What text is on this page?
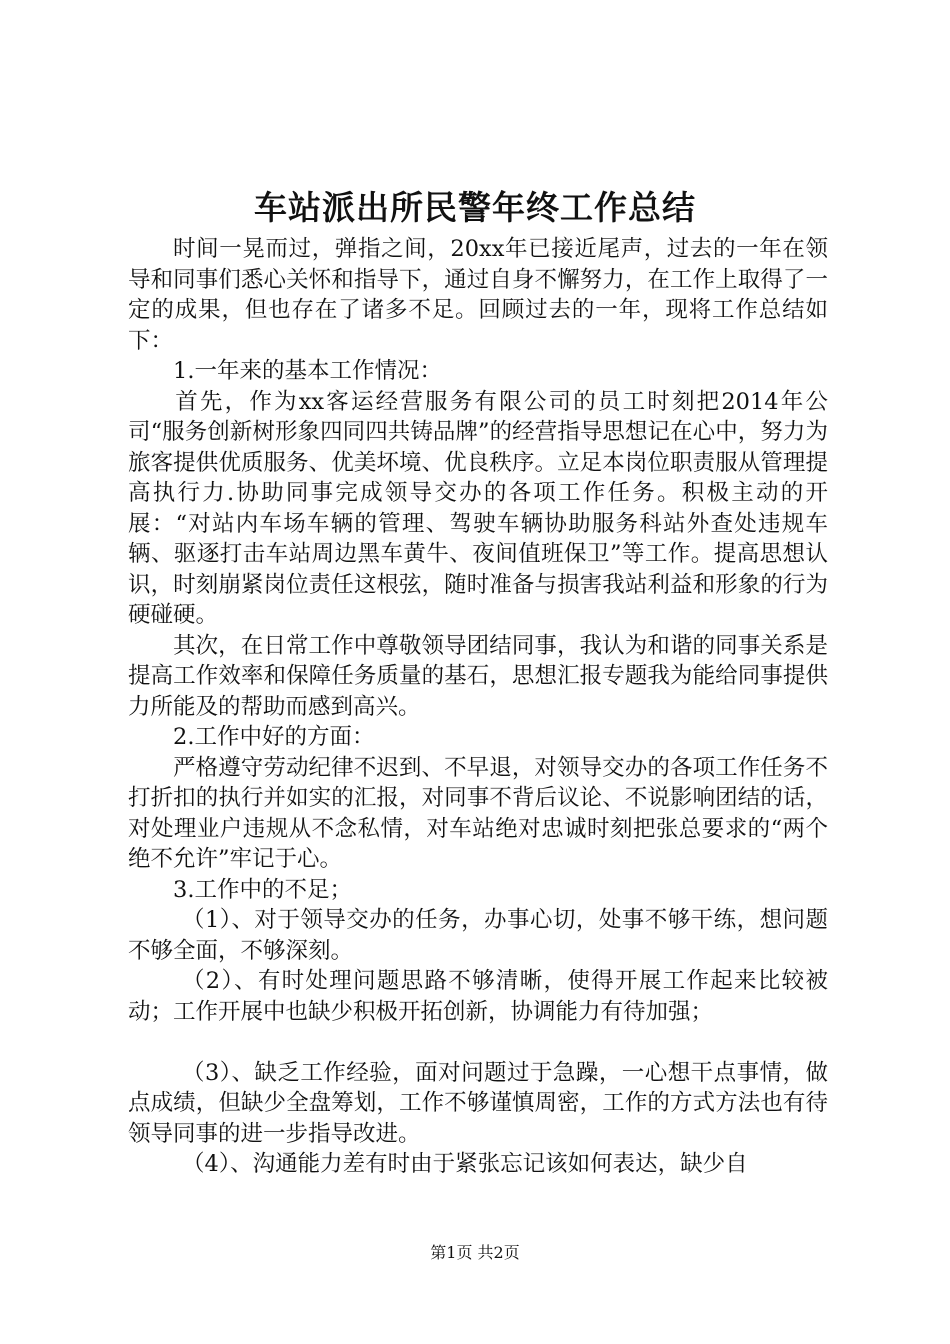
车站派出所民警年终工作总结

时间一晃而过，弹指之间，20xx年已接近尾声，过去的一年在领导和同事们悉心关怀和指导下，通过自身不懈努力，在工作上取得了一定的成果，但也存在了诸多不足。回顾过去的一年，现将工作总结如下：

1.一年来的基本工作情况：

首先，作为xx客运经营服务有限公司的员工时刻把2014年公司“服务创新树形象四同四共铸品牌”的经营指导思想记在心中，努力为旅客提供优质服务、优美坏境、优良秩序。立足本岗位职责服从管理提高执行力.协助同事完成领导交办的各项工作任务。积极主动的开展：“对站内车场车辆的管理、驾驶车辆协助服务科站外查处违规车辆、驱逐打击车站周边黑车黄牛、夜间值班保卫”等工作。提高思想认识，时刻崩紧岗位责任这根弦，随时准备与损害我站利益和形象的行为硬碰硬。

其次，在日常工作中尊敬领导团结同事，我认为和谐的同事关系是提高工作效率和保障任务质量的基石，思想汇报专题我为能给同事提供力所能及的帮助而感到高兴。

2.工作中好的方面：

严格遵守劳动纪律不迟到、不早退，对领导交办的各项工作任务不打折扣的执行并如实的汇报，对同事不背后议论、不说影响团结的话，对处理业户违规从不念私情，对车站绝对忠诚时刻把张总要求的“两个绝不允许”牢记于心。

3.工作中的不足；

（1）、对于领导交办的任务，办事心切，处事不够干练，想问题不够全面，不够深刻。

（2）、有时处理问题思路不够清晰，使得开展工作起来比较被动；工作开展中也缺少积极开拓创新，协调能力有待加强；

（3）、缺乏工作经验，面对问题过于急躁，一心想干点事情，做点成绩，但缺少全盘筹划，工作不够谨慎周密，工作的方式方法也有待领导同事的进一步指导改进。

（4）、沟通能力差有时由于紧张忘记该如何表达，缺少自

第1页 共2页
